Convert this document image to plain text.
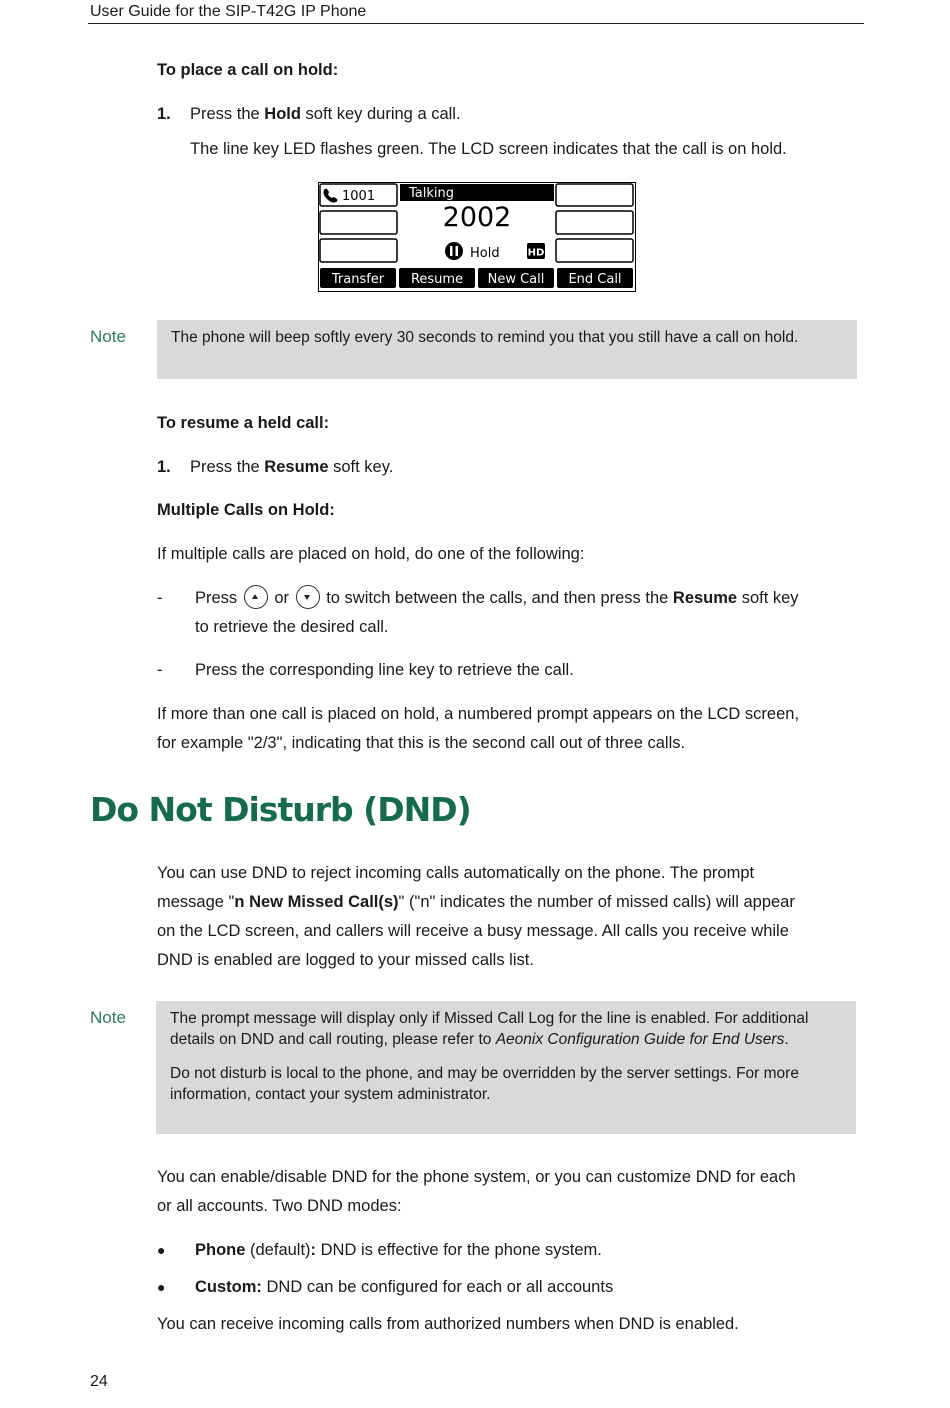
User Guide for the SIP-T42G IP Phone
To place a call on hold:
1. Press the Hold soft key during a call.
The line key LED flashes green. The LCD screen indicates that the call is on hold.
1001	Talking
2002
Hold	HD
Transfer Resume New Call End Call
Note	The phone will beep softly every 30 seconds to remind you that you still have a call on hold.
To resume a held call:
1. Press the Resume soft key.
Multiple Calls on Hold:
If multiple calls are placed on hold, do one of the following:
- Press
or
to switch between the calls, and then press the Resume soft key
to retrieve the desired call.
- Press the corresponding line key to retrieve the call.
If more than one call is placed on hold, a numbered prompt appears on the LCD screen,
for example "2/3", indicating that this is the second call out of three calls.
Do Not Disturb (DND)
You can use DND to reject incoming calls automatically on the phone. The prompt
message "n New Missed Call(s)" ("n" indicates the number of missed calls) will appear
on the LCD screen, and callers will receive a busy message. All calls you receive while
DND is enabled are logged to your missed calls list.
Note	The prompt message will display only if Missed Call Log for the line is enabled. For additional details on DND and call routing, please refer to Aeonix Configuration Guide for End Users.
Do not disturb is local to the phone, and may be overridden by the server settings. For more information, contact your system administrator.
You can enable/disable DND for the phone system, or you can customize DND for each
or all accounts. Two DND modes:
● Phone (default): DND is effective for the phone system.
● Custom: DND can be configured for each or all accounts
You can receive incoming calls from authorized numbers when DND is enabled.
24
